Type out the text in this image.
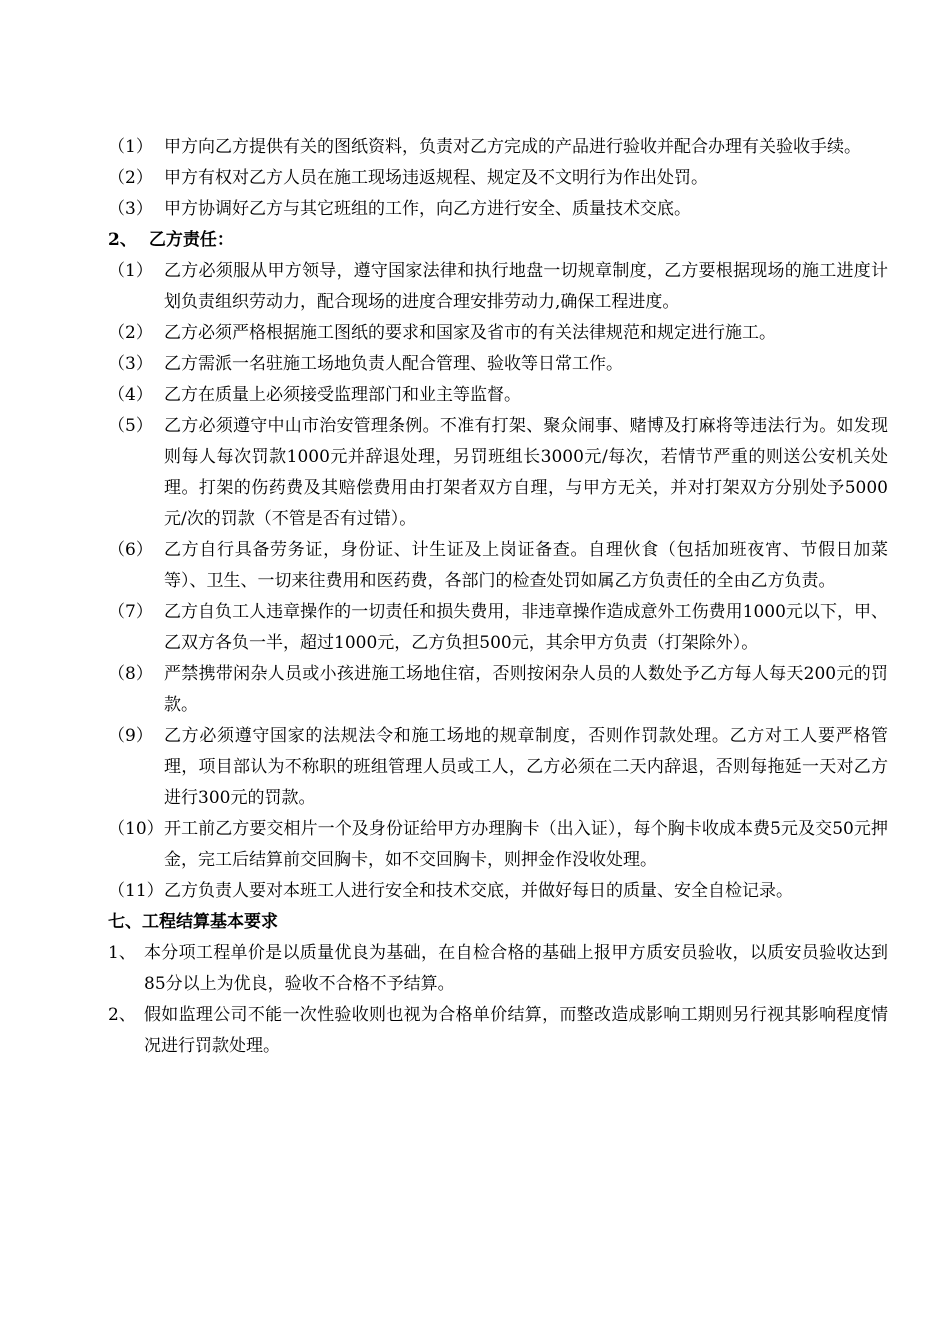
（1） 甲方向乙方提供有关的图纸资料，负责对乙方完成的产品进行验收并配合办理有关验收手续。
（2） 甲方有权对乙方人员在施工现场违返规程、规定及不文明行为作出处罚。
（3） 甲方协调好乙方与其它班组的工作，向乙方进行安全、质量技术交底。
2、 乙方责任：
（1） 乙方必须服从甲方领导，遵守国家法律和执行地盘一切规章制度，乙方要根据现场的施工进度计划负责组织劳动力，配合现场的进度合理安排劳动力,确保工程进度。
（2） 乙方必须严格根据施工图纸的要求和国家及省市的有关法律规范和规定进行施工。
（3） 乙方需派一名驻施工场地负责人配合管理、验收等日常工作。
（4） 乙方在质量上必须接受监理部门和业主等监督。
（5） 乙方必须遵守中山市治安管理条例。不准有打架、聚众闹事、赌博及打麻将等违法行为。如发现则每人每次罚款1000元并辞退处理，另罚班组长3000元/每次，若情节严重的则送公安机关处理。打架的伤药费及其赔偿费用由打架者双方自理，与甲方无关，并对打架双方分别处予5000元/次的罚款（不管是否有过错）。
（6） 乙方自行具备劳务证，身份证、计生证及上岗证备查。自理伙食（包括加班夜宵、节假日加菜等）、卫生、一切来往费用和医药费，各部门的检查处罚如属乙方负责任的全由乙方负责。
（7） 乙方自负工人违章操作的一切责任和损失费用，非违章操作造成意外工伤费用1000元以下，甲、乙双方各负一半，超过1000元，乙方负担500元，其余甲方负责（打架除外）。
（8） 严禁携带闲杂人员或小孩进施工场地住宿，否则按闲杂人员的人数处予乙方每人每天200元的罚款。
（9） 乙方必须遵守国家的法规法令和施工场地的规章制度，否则作罚款处理。乙方对工人要严格管理，项目部认为不称职的班组管理人员或工人，乙方必须在二天内辞退，否则每拖延一天对乙方进行300元的罚款。
（10） 开工前乙方要交相片一个及身份证给甲方办理胸卡（出入证），每个胸卡收成本费5元及交50元押金，完工后结算前交回胸卡，如不交回胸卡，则押金作没收处理。
（11） 乙方负责人要对本班工人进行安全和技术交底，并做好每日的质量、安全自检记录。
七、工程结算基本要求
1、 本分项工程单价是以质量优良为基础，在自检合格的基础上报甲方质安员验收，以质安员验收达到85分以上为优良，验收不合格不予结算。
2、 假如监理公司不能一次性验收则也视为合格单价结算，而整改造成影响工期则另行视其影响程度情况进行罚款处理。
